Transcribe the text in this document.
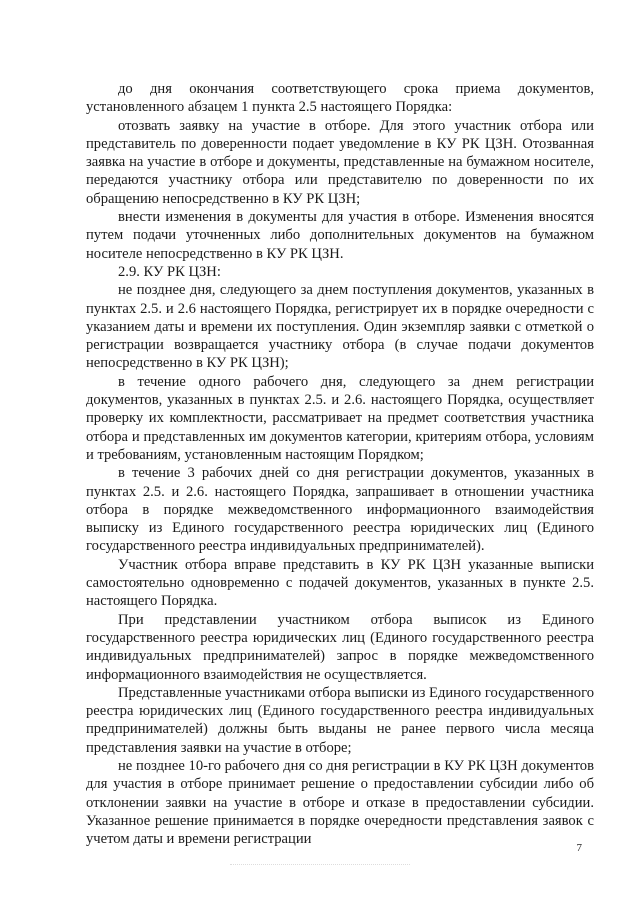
до дня окончания соответствующего срока приема документов, установленного абзацем 1 пункта 2.5 настоящего Порядка:

отозвать заявку на участие в отборе. Для этого участник отбора или представитель по доверенности подает уведомление в КУ РК ЦЗН. Отозванная заявка на участие в отборе и документы, представленные на бумажном носителе, передаются участнику отбора или представителю по доверенности по их обращению непосредственно в КУ РК ЦЗН;

внести изменения в документы для участия в отборе. Изменения вносятся путем подачи уточненных либо дополнительных документов на бумажном носителе непосредственно в КУ РК ЦЗН.

2.9. КУ РК ЦЗН:

не позднее дня, следующего за днем поступления документов, указанных в пунктах 2.5. и 2.6 настоящего Порядка, регистрирует их в порядке очередности с указанием даты и времени их поступления. Один экземпляр заявки с отметкой о регистрации возвращается участнику отбора (в случае подачи документов непосредственно в КУ РК ЦЗН);

в течение одного рабочего дня, следующего за днем регистрации документов, указанных в пунктах 2.5. и 2.6. настоящего Порядка, осуществляет проверку их комплектности, рассматривает на предмет соответствия участника отбора и представленных им документов категории, критериям отбора, условиям и требованиям, установленным настоящим Порядком;

в течение 3 рабочих дней со дня регистрации документов, указанных в пунктах 2.5. и 2.6. настоящего Порядка, запрашивает в отношении участника отбора в порядке межведомственного информационного взаимодействия выписку из Единого государственного реестра юридических лиц (Единого государственного реестра индивидуальных предпринимателей).

Участник отбора вправе представить в КУ РК ЦЗН указанные выписки самостоятельно одновременно с подачей документов, указанных в пункте 2.5. настоящего Порядка.

При представлении участником отбора выписок из Единого государственного реестра юридических лиц (Единого государственного реестра индивидуальных предпринимателей) запрос в порядке межведомственного информационного взаимодействия не осуществляется.

Представленные участниками отбора выписки из Единого государственного реестра юридических лиц (Единого государственного реестра индивидуальных предпринимателей) должны быть выданы не ранее первого числа месяца представления заявки на участие в отборе;

не позднее 10-го рабочего дня со дня регистрации в КУ РК ЦЗН документов для участия в отборе принимает решение о предоставлении субсидии либо об отклонении заявки на участие в отборе и отказе в предоставлении субсидии. Указанное решение принимается в порядке очередности представления заявок с учетом даты и времени регистрации

7
